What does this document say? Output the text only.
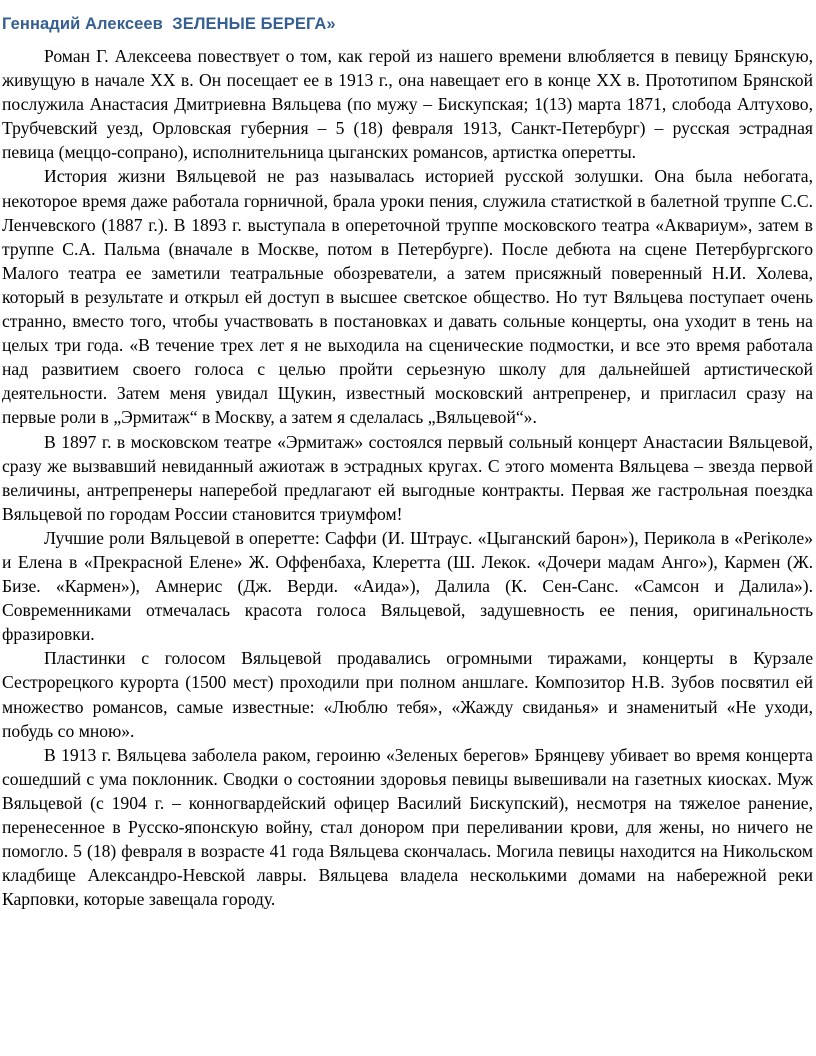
Геннадий Алексеев  ЗЕЛЕНЫЕ БЕРЕГА»

Роман Г. Алексеева повествует о том, как герой из нашего времени влюбляется в певицу Брянскую, живущую в начале XX в. Он посещает ее в 1913 г., она навещает его в конце XX в. Прототипом Брянской послужила Анастасия Дмитриевна Вяльцева (по мужу – Бискупская; 1(13) марта 1871, слобода Алтухово, Трубчевский уезд, Орловская губерния – 5 (18) февраля 1913, Санкт-Петербург) – русская эстрадная певица (меццо-сопрано), исполнительница цыганских романсов, артистка оперетты.

История жизни Вяльцевой не раз называлась историей русской золушки. Она была небогата, некоторое время даже работала горничной, брала уроки пения, служила статисткой в балетной труппе С.С. Ленчевского (1887 г.). В 1893 г. выступала в опереточной труппе московского театра «Аквариум», затем в труппе С.А. Пальма (вначале в Москве, потом в Петербурге). После дебюта на сцене Петербургского Малого театра ее заметили театральные обозреватели, а затем присяжный поверенный Н.И. Холева, который в результате и открыл ей доступ в высшее светское общество. Но тут Вяльцева поступает очень странно, вместо того, чтобы участвовать в постановках и давать сольные концерты, она уходит в тень на целых три года. «В течение трех лет я не выходила на сценические подмостки, и все это время работала над развитием своего голоса с целью пройти серьезную школу для дальнейшей артистической деятельности. Затем меня увидал Щукин, известный московский антрепренер, и пригласил сразу на первые роли в „Эрмитаж“ в Москву, а затем я сделалась „Вяльцевой“».

В 1897 г. в московском театре «Эрмитаж» состоялся первый сольный концерт Анастасии Вяльцевой, сразу же вызвавший невиданный ажиотаж в эстрадных кругах. С этого момента Вяльцева – звезда первой величины, антрепренеры наперебой предлагают ей выгодные контракты. Первая же гастрольная поездка Вяльцевой по городам России становится триумфом!

Лучшие роли Вяльцевой в оперетте: Саффи (И. Штраус. «Цыганский барон»), Перикола в «Periколе» и Елена в «Прекрасной Елене» Ж. Оффенбаха, Клеретта (Ш. Лекок. «Дочери мадам Анго»), Кармен (Ж. Бизе. «Кармен»), Амнерис (Дж. Верди. «Аида»), Далила (К. Сен-Санс. «Самсон и Далила»). Современниками отмечалась красота голоса Вяльцевой, задушевность ее пения, оригинальность фразировки.

Пластинки с голосом Вяльцевой продавались огромными тиражами, концерты в Курзале Сестрорецкого курорта (1500 мест) проходили при полном аншлаге. Композитор Н.В. Зубов посвятил ей множество романсов, самые известные: «Люблю тебя», «Жажду свиданья» и знаменитый «Не уходи, побудь со мною».

В 1913 г. Вяльцева заболела раком, героиню «Зеленых берегов» Брянцеву убивает во время концерта сошедший с ума поклонник. Сводки о состоянии здоровья певицы вывешивали на газетных киосках. Муж Вяльцевой (с 1904 г. – конногвардейский офицер Василий Бискупский), несмотря на тяжелое ранение, перенесенное в Русско-японскую войну, стал донором при переливании крови, для жены, но ничего не помогло. 5 (18) февраля в возрасте 41 года Вяльцева скончалась. Могила певицы находится на Никольском кладбище Александро-Невской лавры. Вяльцева владела несколькими домами на набережной реки Карповки, которые завещала городу.
